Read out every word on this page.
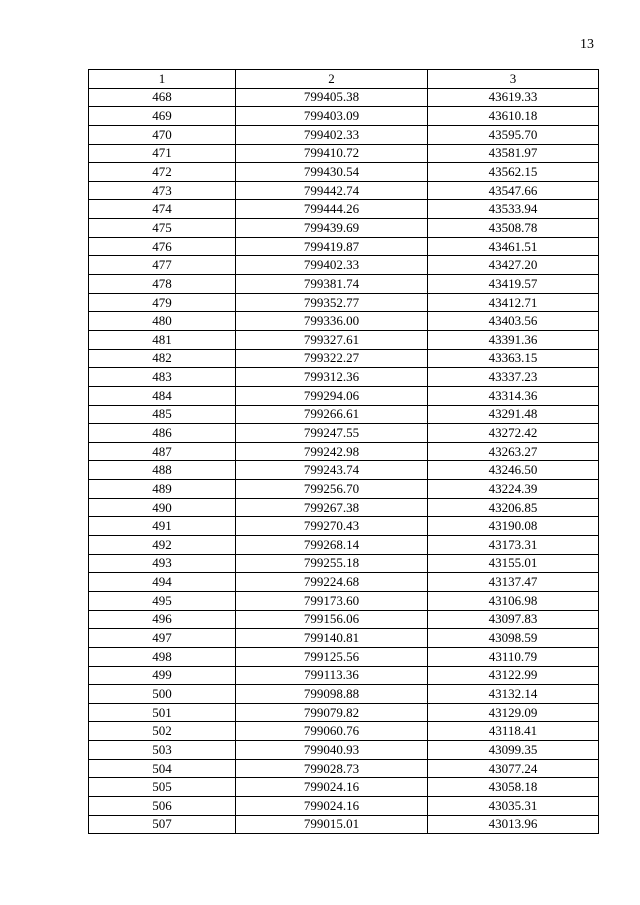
13
1	2	3
468	799405.38	43619.33
469	799403.09	43610.18
470	799402.33	43595.70
471	799410.72	43581.97
472	799430.54	43562.15
473	799442.74	43547.66
474	799444.26	43533.94
475	799439.69	43508.78
476	799419.87	43461.51
477	799402.33	43427.20
478	799381.74	43419.57
479	799352.77	43412.71
480	799336.00	43403.56
481	799327.61	43391.36
482	799322.27	43363.15
483	799312.36	43337.23
484	799294.06	43314.36
485	799266.61	43291.48
486	799247.55	43272.42
487	799242.98	43263.27
488	799243.74	43246.50
489	799256.70	43224.39
490	799267.38	43206.85
491	799270.43	43190.08
492	799268.14	43173.31
493	799255.18	43155.01
494	799224.68	43137.47
495	799173.60	43106.98
496	799156.06	43097.83
497	799140.81	43098.59
498	799125.56	43110.79
499	799113.36	43122.99
500	799098.88	43132.14
501	799079.82	43129.09
502	799060.76	43118.41
503	799040.93	43099.35
504	799028.73	43077.24
505	799024.16	43058.18
506	799024.16	43035.31
507	799015.01	43013.96
